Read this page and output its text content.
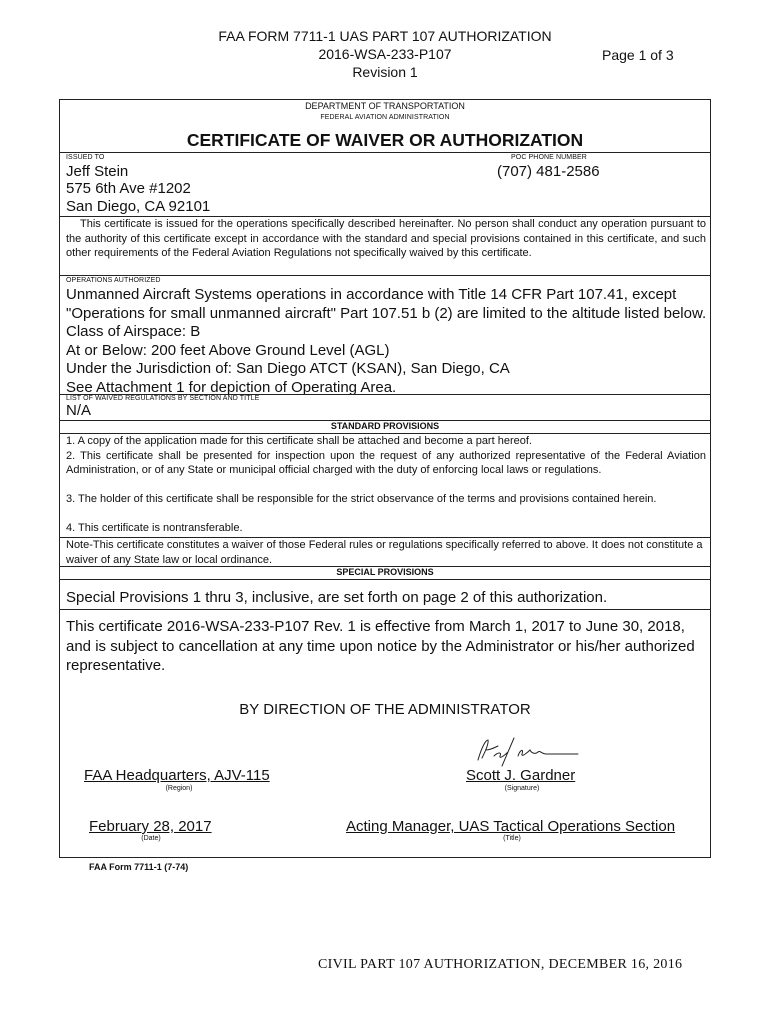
FAA FORM 7711-1 UAS PART 107 AUTHORIZATION
2016-WSA-233-P107
Revision 1
Page 1 of 3
DEPARTMENT OF TRANSPORTATION
FEDERAL AVIATION ADMINISTRATION
CERTIFICATE OF WAIVER OR AUTHORIZATION
ISSUED TO	POC PHONE NUMBER
Jeff Stein	(707) 481-2586
575 6th Ave #1202
San Diego, CA 92101
This certificate is issued for the operations specifically described hereinafter. No person shall conduct any operation pursuant to the authority of this certificate except in accordance with the standard and special provisions contained in this certificate, and such other requirements of the Federal Aviation Regulations not specifically waived by this certificate.
OPERATIONS AUTHORIZED
Unmanned Aircraft Systems operations in accordance with Title 14 CFR Part 107.41, except
"Operations for small unmanned aircraft" Part 107.51 b (2) are limited to the altitude listed below.
Class of Airspace: B
At or Below: 200 feet Above Ground Level (AGL)
Under the Jurisdiction of: San Diego ATCT (KSAN), San Diego, CA
See Attachment 1 for depiction of Operating Area.
LIST OF WAIVED REGULATIONS BY SECTION AND TITLE
N/A
STANDARD PROVISIONS
1. A copy of the application made for this certificate shall be attached and become a part hereof.
2. This certificate shall be presented for inspection upon the request of any authorized representative of the Federal Aviation Administration, or of any State or municipal official charged with the duty of enforcing local laws or regulations.
3. The holder of this certificate shall be responsible for the strict observance of the terms and provisions contained herein.
4. This certificate is nontransferable.
Note-This certificate constitutes a waiver of those Federal rules or regulations specifically referred to above. It does not constitute a waiver of any State law or local ordinance.
SPECIAL PROVISIONS
Special Provisions 1 thru 3, inclusive, are set forth on page 2 of this authorization.
This certificate 2016-WSA-233-P107 Rev. 1 is effective from March 1, 2017 to June 30, 2018, and is subject to cancellation at any time upon notice by the Administrator or his/her authorized representative.
BY DIRECTION OF THE ADMINISTRATOR
FAA Headquarters, AJV-115
(Region)
Scott J. Gardner
(Signature)
February 28, 2017
(Date)
Acting Manager, UAS Tactical Operations Section
(Title)
FAA Form 7711-1 (7-74)
CIVIL PART 107 AUTHORIZATION, DECEMBER 16, 2016
